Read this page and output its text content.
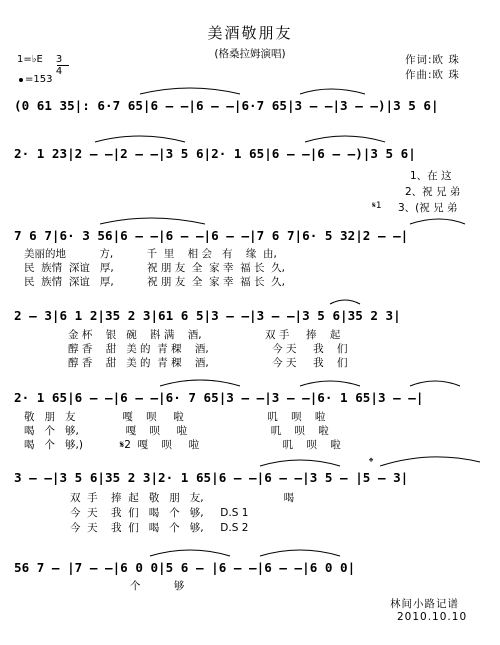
美酒敬朋友
(格桑拉姆演唱)	作词:欧 珠
作曲:欧 珠
1=♭E	3
4
=153
(0 61 35|: 6·7 65|6 – –|6 – –|6·7 65|3 – –|3 – –)|3 5 6|
2· 1 23|2 – –|2 – –|3 5 6|2· 1 65|6 – –|6 – –)|3 5 6|
7 6 7|6· 3 56|6 – –|6 – –|6 – –|7 6 7|6· 5 32|2 – –|
2 – 3|6 1 2|35 2 3|61 6 5|3 – –|3 – –|3 5 6|35 2 3|
2· 1 65|6 – –|6 – –|6· 7 65|3 – –|3 – –|6· 1 65|3 – –|
3 – –|3 5 6|35 2 3|2· 1 65|6 – –|6 – –|3 5 – |5 – 3|
56 7 – |7 – –|6 0 0|5 6 – |6 – –|6 – –|6 0 0|
1、在 这
2、祝 兄 弟
𝄋1 3、(祝 兄 弟
美丽的地          方,          千  里    相 会   有    缘  由,
民  族情  深谊   厚,          祝 朋 友  全  家 幸  福 长  久,
民  族情  深谊   厚,          祝 朋 友  全  家 幸  福 长  久,
金 杯    银   碗    斟 满    酒,                   双 手     捧    起
醇 香    甜   美 的  青 稞    酒,                   今 天     我    们
醇 香    甜   美 的  青 稞    酒,                   今 天     我    们
敬   朋   友              嘎    呗     啦                         叽    呗    啦
喝   个   够,              嘎    呗     啦                         叽    呗    啦
喝   个   够,)           𝄋2  嘎    呗     啦                         叽    呗    啦
双  手    捧  起   敬   朋   友,                        喝
今  天    我  们   喝   个   够,     D.S 1
今  天    我  们   喝   个   够,     D.S 2
个          够
𝄌
林间小路记谱
2010.10.10
